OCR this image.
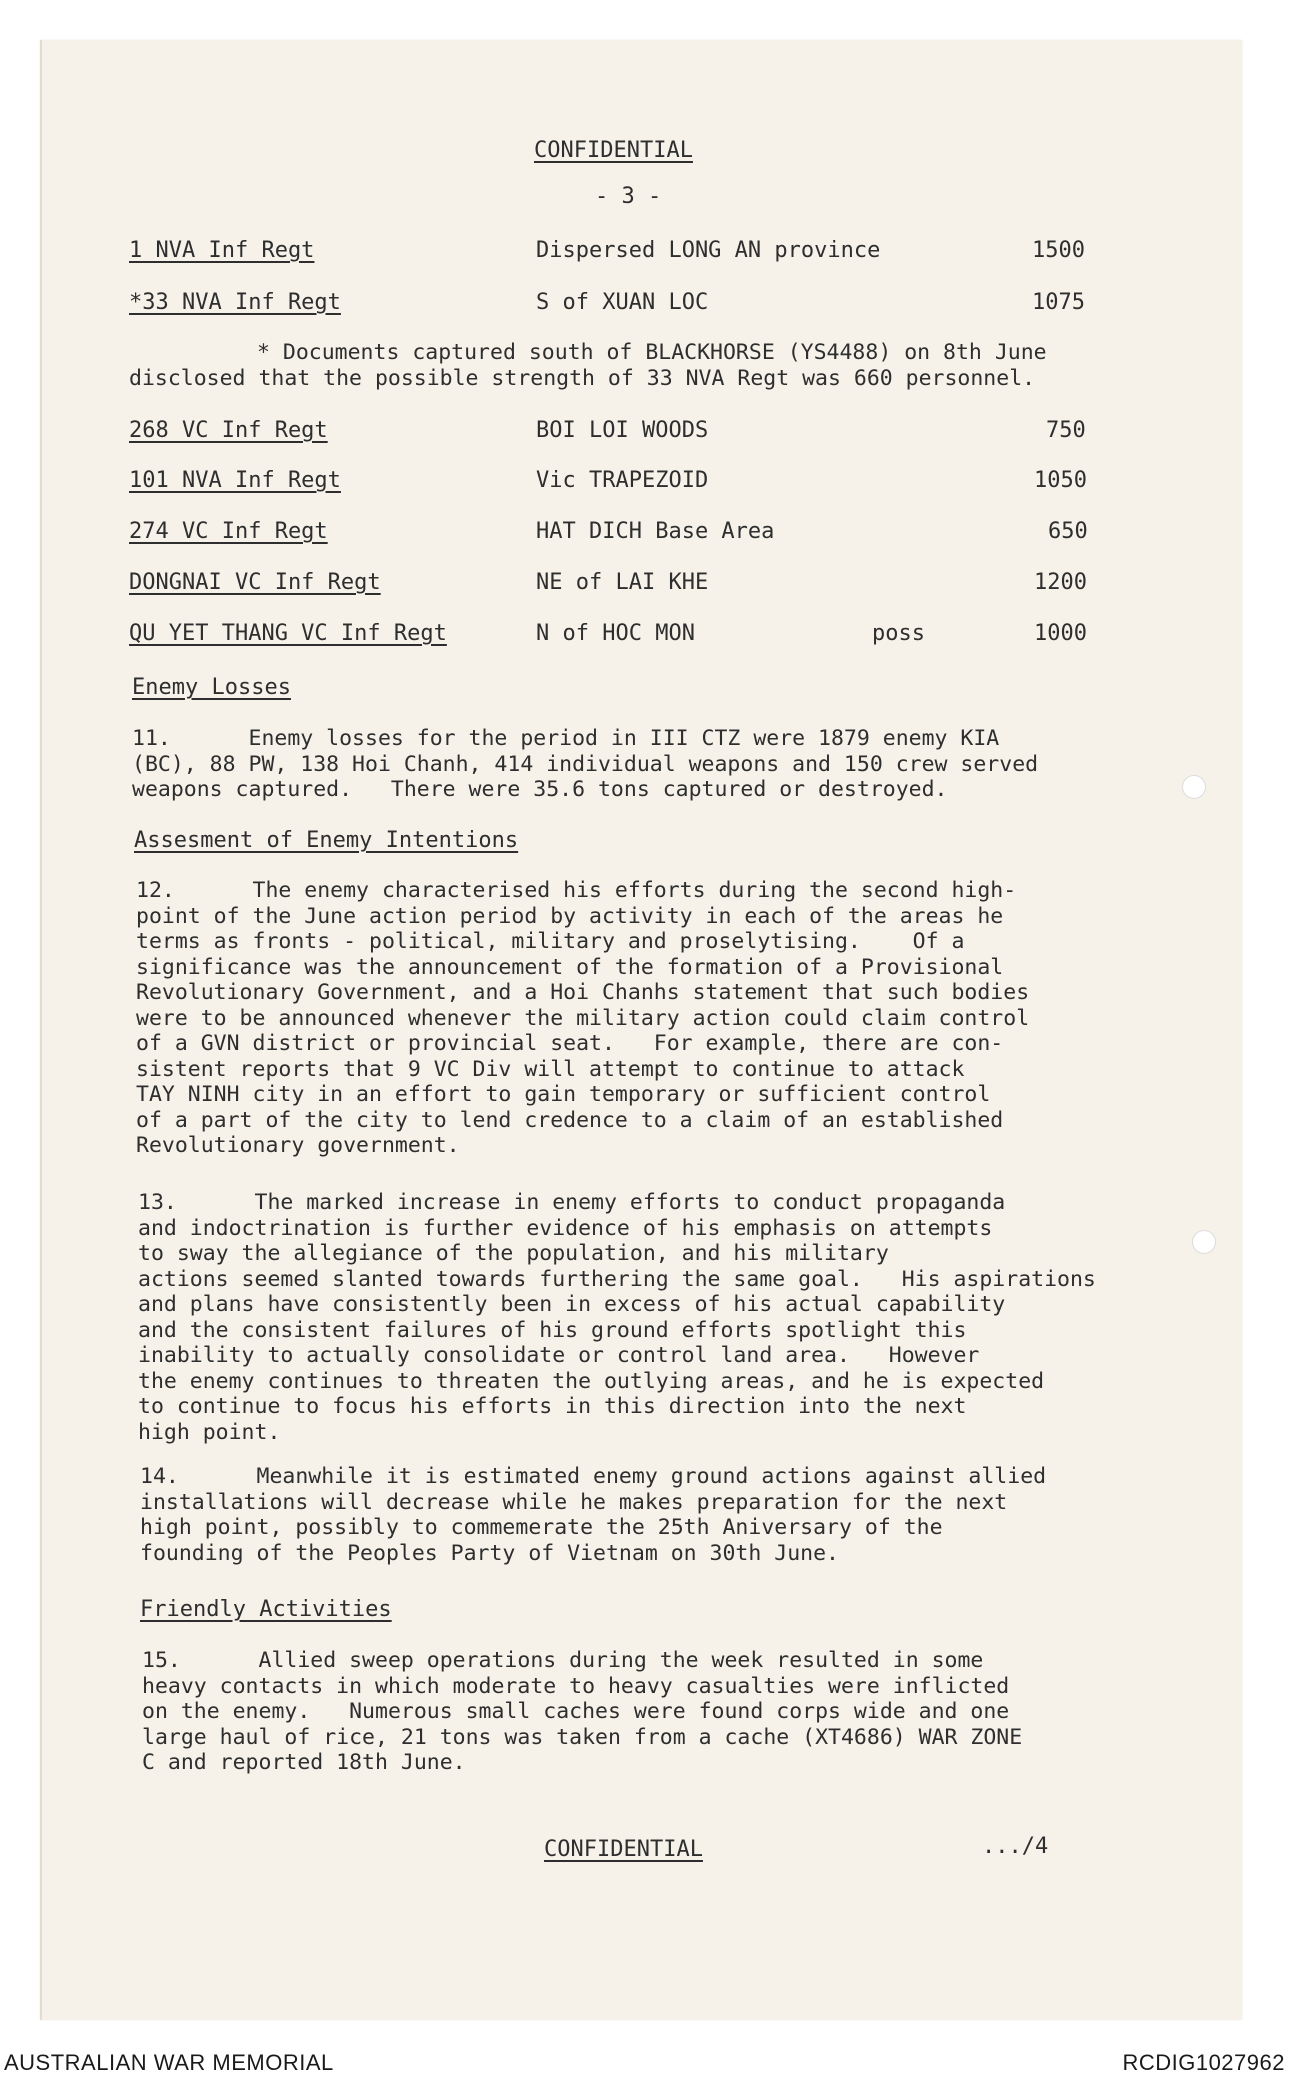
CONFIDENTIAL
- 3 -
1 NVA Inf Regt	Dispersed LONG AN province	1500
*33 NVA Inf Regt	S of XUAN LOC	1075
* Documents captured south of BLACKHORSE (YS4488) on 8th June
disclosed that the possible strength of 33 NVA Regt was 660 personnel.
268 VC Inf Regt	BOI LOI WOODS	750
101 NVA Inf Regt	Vic TRAPEZOID	1050
274 VC Inf Regt	HAT DICH Base Area	650
DONGNAI VC Inf Regt	NE of LAI KHE	1200
QU YET THANG VC Inf Regt	N of HOC MON	poss	1000
Enemy Losses
11.      Enemy losses for the period in III CTZ were 1879 enemy KIA
(BC), 88 PW, 138 Hoi Chanh, 414 individual weapons and 150 crew served
weapons captured.   There were 35.6 tons captured or destroyed.
Assesment of Enemy Intentions
12.      The enemy characterised his efforts during the second high-
point of the June action period by activity in each of the areas he
terms as fronts - political, military and proselytising.    Of a
significance was the announcement of the formation of a Provisional
Revolutionary Government, and a Hoi Chanhs statement that such bodies
were to be announced whenever the military action could claim control
of a GVN district or provincial seat.   For example, there are con-
sistent reports that 9 VC Div will attempt to continue to attack
TAY NINH city in an effort to gain temporary or sufficient control
of a part of the city to lend credence to a claim of an established
Revolutionary government.
13.      The marked increase in enemy efforts to conduct propaganda
and indoctrination is further evidence of his emphasis on attempts
to sway the allegiance of the population, and his military
actions seemed slanted towards furthering the same goal.   His aspirations
and plans have consistently been in excess of his actual capability
and the consistent failures of his ground efforts spotlight this
inability to actually consolidate or control land area.   However
the enemy continues to threaten the outlying areas, and he is expected
to continue to focus his efforts in this direction into the next
high point.
14.      Meanwhile it is estimated enemy ground actions against allied
installations will decrease while he makes preparation for the next
high point, possibly to commemerate the 25th Aniversary of the
founding of the Peoples Party of Vietnam on 30th June.
Friendly Activities
15.      Allied sweep operations during the week resulted in some
heavy contacts in which moderate to heavy casualties were inflicted
on the enemy.   Numerous small caches were found corps wide and one
large haul of rice, 21 tons was taken from a cache (XT4686) WAR ZONE
C and reported 18th June.
CONFIDENTIAL	.../4
AUSTRALIAN WAR MEMORIAL	RCDIG1027962
